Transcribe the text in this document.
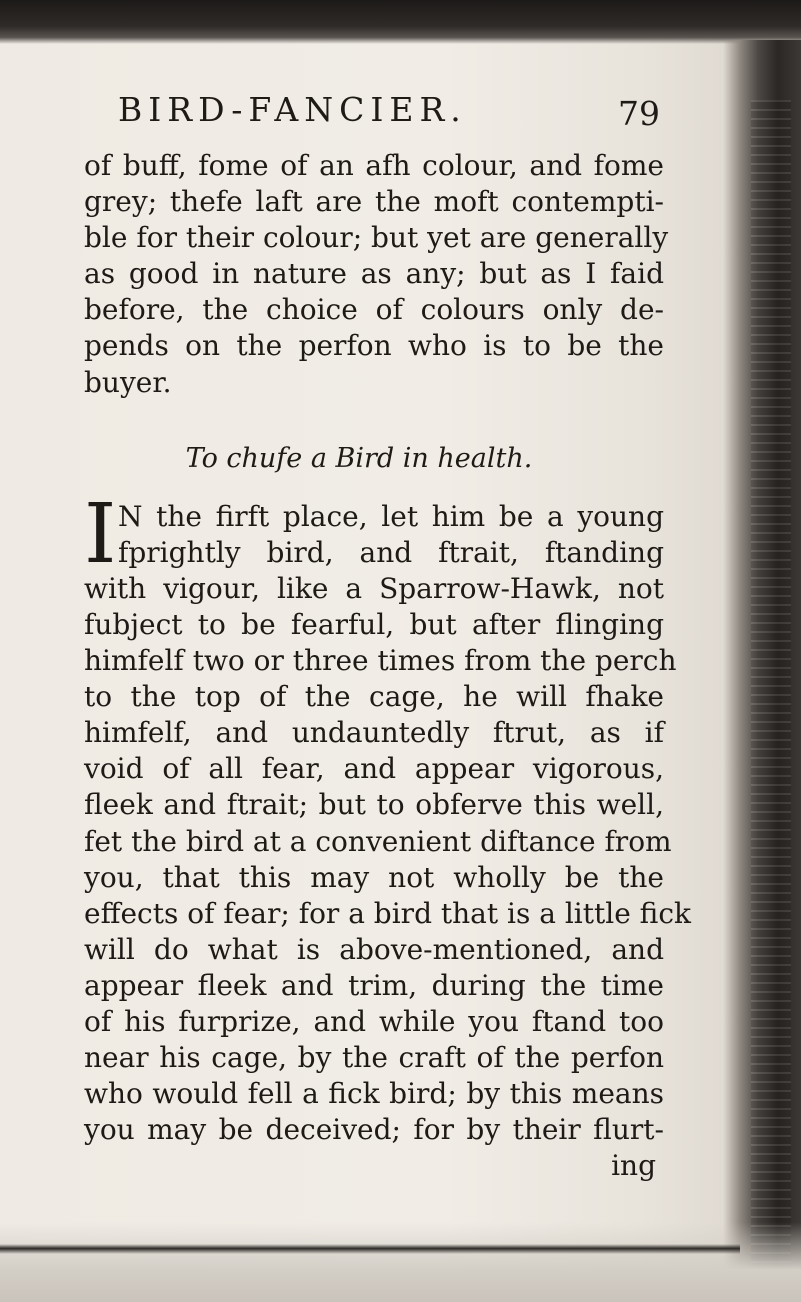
BIRD-FANCIER.	79
of buff, fome of an afh colour, and fome
grey; thefe laft are the moft contempti-
ble for their colour; but yet are generally
as good in nature as any; but as I faid
before, the choice of colours only de-
pends on the perfon who is to be the
buyer.
To chufe a Bird in health.
I N the firft place, let him be a young
fprightly bird, and ftrait, ftanding
with vigour, like a Sparrow-Hawk, not
fubject to be fearful, but after flinging
himfelf two or three times from the perch
to the top of the cage, he will fhake
himfelf, and undauntedly ftrut, as if
void of all fear, and appear vigorous,
fleek and ftrait; but to obferve this well,
fet the bird at a convenient diftance from
you, that this may not wholly be the
effects of fear; for a bird that is a little fick
will do what is above-mentioned, and
appear fleek and trim, during the time
of his furprize, and while you ftand too
near his cage, by the craft of the perfon
who would fell a fick bird; by this means
you may be deceived; for by their flurt-
ing
